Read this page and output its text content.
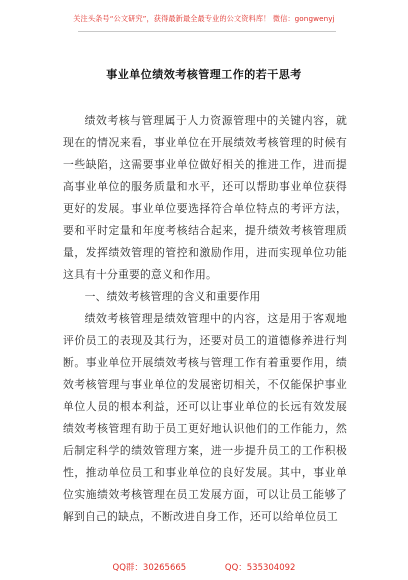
关注头条号“公文研究”，获得最新最全最专业的公文资料库！ 微信：gongwenyj
事业单位绩效考核管理工作的若干思考

绩效考核与管理属于人力资源管理中的关键内容，就现在的情况来看，事业单位在开展绩效考核管理的时候有一些缺陷，这需要事业单位做好相关的推进工作，进而提高事业单位的服务质量和水平，还可以帮助事业单位获得更好的发展。事业单位要选择符合单位特点的考评方法，要和平时定量和年度考核结合起来，提升绩效考核管理质量，发挥绩效管理的管控和激励作用，进而实现单位功能这具有十分重要的意义和作用。

一、绩效考核管理的含义和重要作用

绩效考核管理是绩效管理中的内容，这是用于客观地评价员工的表现及其行为，还要对员工的道德修养进行判断。事业单位开展绩效考核与管理工作有着重要作用，绩效考核管理与事业单位的发展密切相关，不仅能保护事业单位人员的根本利益，还可以让事业单位的长远有效发展绩效考核管理有助于员工更好地认识他们的工作能力，然后制定科学的绩效管理方案，进一步提升员工的工作积极性，推动单位员工和事业单位的良好发展。其中，事业单位实施绩效考核管理在员工发展方面，可以让员工能够了解到自己的缺点，不断改进自身工作，还可以给单位员工

QQ群：30265665	QQ：535304092
